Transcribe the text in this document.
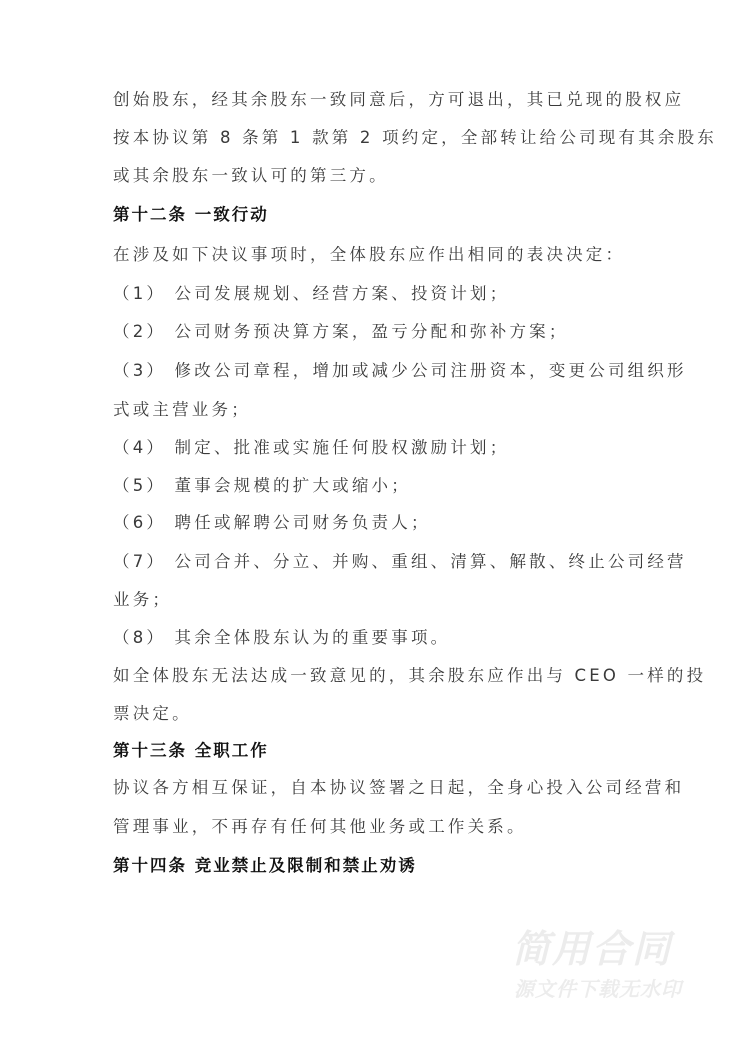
创始股东，经其余股东一致同意后，方可退出，其已兑现的股权应
按本协议第 8 条第 1 款第 2 项约定，全部转让给公司现有其余股东
或其余股东一致认可的第三方。
第十二条 一致行动
在涉及如下决议事项时，全体股东应作出相同的表决决定：
（1） 公司发展规划、经营方案、投资计划；
（2） 公司财务预决算方案，盈亏分配和弥补方案；
（3） 修改公司章程，增加或减少公司注册资本，变更公司组织形
式或主营业务；
（4） 制定、批准或实施任何股权激励计划；
（5） 董事会规模的扩大或缩小；
（6） 聘任或解聘公司财务负责人；
（7） 公司合并、分立、并购、重组、清算、解散、终止公司经营
业务；
（8） 其余全体股东认为的重要事项。
如全体股东无法达成一致意见的，其余股东应作出与 CEO 一样的投
票决定。
第十三条 全职工作
协议各方相互保证，自本协议签署之日起，全身心投入公司经营和
管理事业，不再存有任何其他业务或工作关系。
第十四条 竞业禁止及限制和禁止劝诱
简用合同
源文件下载无水印
